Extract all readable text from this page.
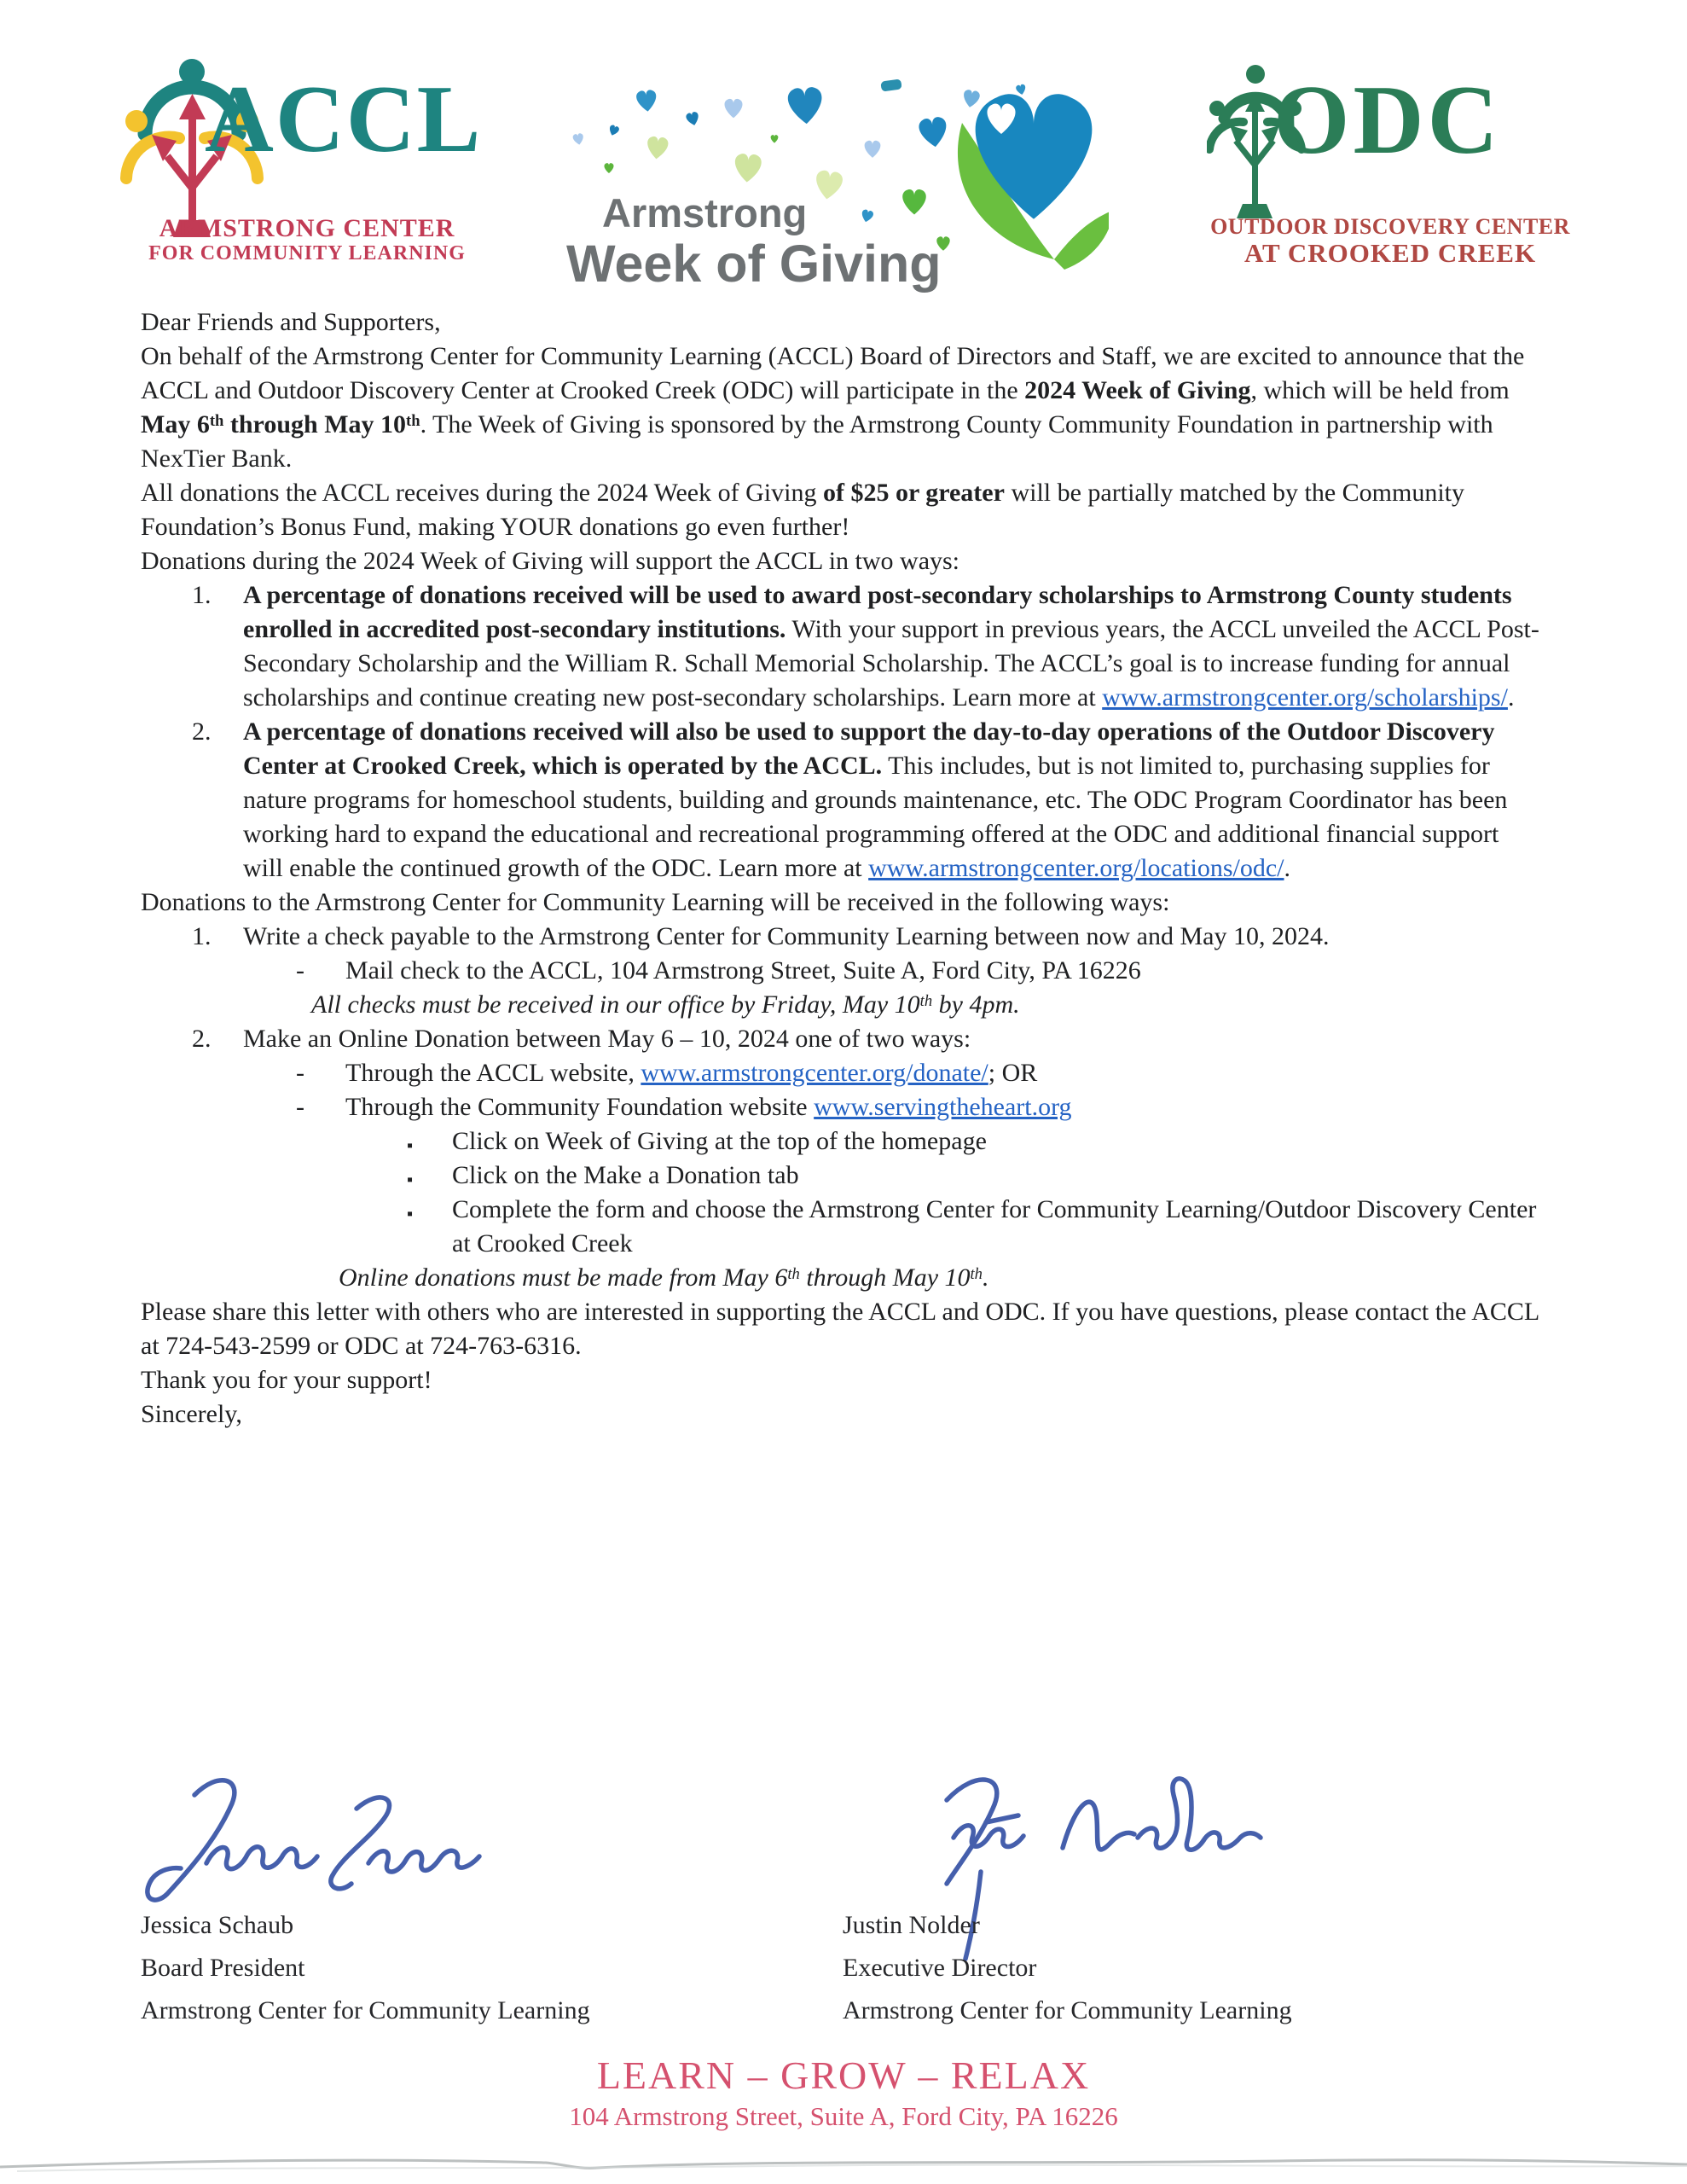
ACCL
ARMSTRONG CENTER
FOR COMMUNITY LEARNING
Armstrong
Week of Giving
ODC
OUTDOOR DISCOVERY CENTER
AT CROOKED CREEK

Dear Friends and Supporters,

On behalf of the Armstrong Center for Community Learning (ACCL) Board of Directors and Staff, we are excited to announce that the ACCL and Outdoor Discovery Center at Crooked Creek (ODC) will participate in the 2024 Week of Giving, which will be held from May 6th through May 10th. The Week of Giving is sponsored by the Armstrong County Community Foundation in partnership with NexTier Bank.

All donations the ACCL receives during the 2024 Week of Giving of $25 or greater will be partially matched by the Community Foundation’s Bonus Fund, making YOUR donations go even further!

Donations during the 2024 Week of Giving will support the ACCL in two ways:

1. A percentage of donations received will be used to award post-secondary scholarships to Armstrong County students enrolled in accredited post-secondary institutions. With your support in previous years, the ACCL unveiled the ACCL Post-Secondary Scholarship and the William R. Schall Memorial Scholarship. The ACCL’s goal is to increase funding for annual scholarships and continue creating new post-secondary scholarships. Learn more at www.armstrongcenter.org/scholarships/.
2. A percentage of donations received will also be used to support the day-to-day operations of the Outdoor Discovery Center at Crooked Creek, which is operated by the ACCL. This includes, but is not limited to, purchasing supplies for nature programs for homeschool students, building and grounds maintenance, etc. The ODC Program Coordinator has been working hard to expand the educational and recreational programming offered at the ODC and additional financial support will enable the continued growth of the ODC. Learn more at www.armstrongcenter.org/locations/odc/.

Donations to the Armstrong Center for Community Learning will be received in the following ways:

1. Write a check payable to the Armstrong Center for Community Learning between now and May 10, 2024.
- Mail check to the ACCL, 104 Armstrong Street, Suite A, Ford City, PA 16226
All checks must be received in our office by Friday, May 10th by 4pm.
2. Make an Online Donation between May 6 – 10, 2024 one of two ways:
- Through the ACCL website, www.armstrongcenter.org/donate/; OR
- Through the Community Foundation website www.servingtheheart.org
▪ Click on Week of Giving at the top of the homepage
▪ Click on the Make a Donation tab
▪ Complete the form and choose the Armstrong Center for Community Learning/Outdoor Discovery Center at Crooked Creek
Online donations must be made from May 6th through May 10th.

Please share this letter with others who are interested in supporting the ACCL and ODC. If you have questions, please contact the ACCL at 724-543-2599 or ODC at 724-763-6316.

Thank you for your support!

Sincerely,

Jessica Schaub
Board President
Armstrong Center for Community Learning
Justin Nolder
Executive Director
Armstrong Center for Community Learning
LEARN – GROW – RELAX
104 Armstrong Street, Suite A, Ford City, PA 16226
